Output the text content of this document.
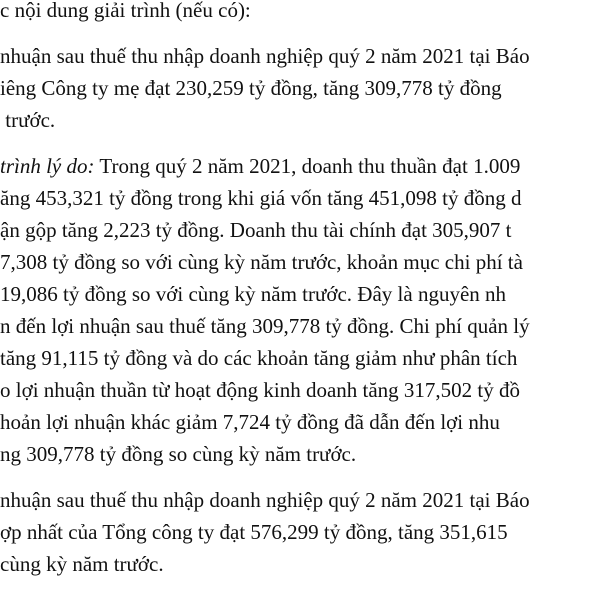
c nội dung giải trình (nếu có):
nhuận sau thuế thu nhập doanh nghiệp quý 2 năm 2021 tại Báo
iêng Công ty mẹ đạt 230,259 tỷ đồng, tăng 309,778 tỷ đồng
trước.
trình lý do: Trong quý 2 năm 2021, doanh thu thuần đạt 1.009
ăng 453,321 tỷ đồng trong khi giá vốn tăng 451,098 tỷ đồng d
ận gộp tăng 2,223 tỷ đồng. Doanh thu tài chính đạt 305,907 t
7,308 tỷ đồng so với cùng kỳ năm trước, khoản mục chi phí tà
19,086 tỷ đồng so với cùng kỳ năm trước. Đây là nguyên nh
n đến lợi nhuận sau thuế tăng 309,778 tỷ đồng. Chi phí quản lý
tăng 91,115 tỷ đồng và do các khoản tăng giảm như phân tích
o lợi nhuận thuần từ hoạt động kinh doanh tăng 317,502 tỷ đồ
hoản lợi nhuận khác giảm 7,724 tỷ đồng đã dẫn đến lợi nhu
ng 309,778 tỷ đồng so cùng kỳ năm trước.
nhuận sau thuế thu nhập doanh nghiệp quý 2 năm 2021 tại Báo
ợp nhất của Tổng công ty đạt 576,299 tỷ đồng, tăng 351,615
cùng kỳ năm trước.
